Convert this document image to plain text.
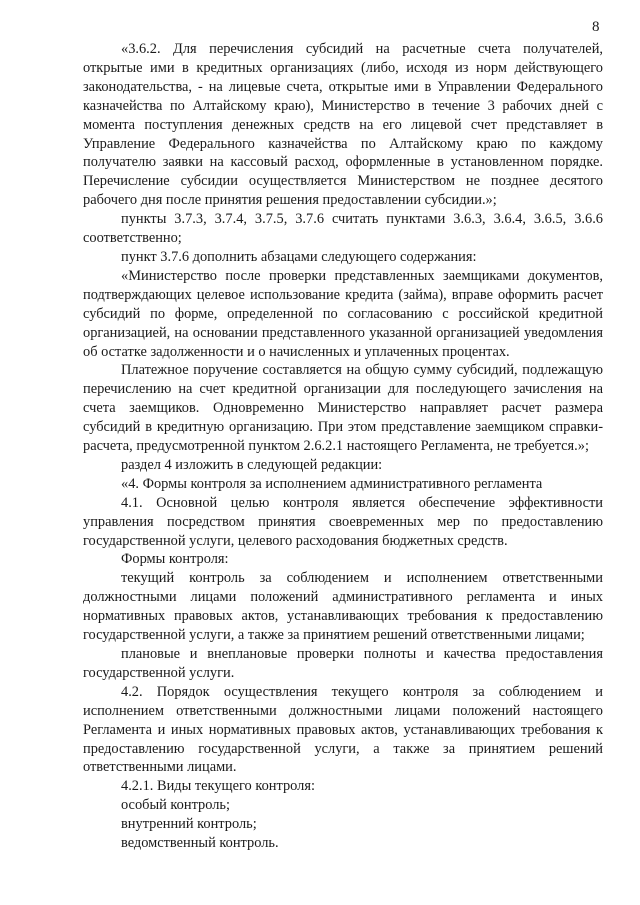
8

«3.6.2. Для перечисления субсидий на расчетные счета получателей, открытые ими в кредитных организациях (либо, исходя из норм действующего законодательства, - на лицевые счета, открытые ими в Управлении Федерального казначейства по Алтайскому краю), Министерство в течение 3 рабочих дней с момента поступления денежных средств на его лицевой счет представляет в Управление Федерального казначейства по Алтайскому краю по каждому получателю заявки на кассовый расход, оформленные в установленном порядке. Перечисление субсидии осуществляется Министерством не позднее десятого рабочего дня после принятия решения предоставлении субсидии.»;

пункты 3.7.3, 3.7.4, 3.7.5, 3.7.6 считать пунктами 3.6.3, 3.6.4, 3.6.5, 3.6.6 соответственно;

пункт 3.7.6 дополнить абзацами следующего содержания:

«Министерство после проверки представленных заемщиками документов, подтверждающих целевое использование кредита (займа), вправе оформить расчет субсидий по форме, определенной по согласованию с российской кредитной организацией, на основании представленного указанной организацией уведомления об остатке задолженности и о начисленных и уплаченных процентах.

Платежное поручение составляется на общую сумму субсидий, подлежащую перечислению на счет кредитной организации для последующего зачисления на счета заемщиков. Одновременно Министерство направляет расчет размера субсидий в кредитную организацию. При этом представление заемщиком справки-расчета, предусмотренной пунктом 2.6.2.1 настоящего Регламента, не требуется.»;

раздел 4 изложить в следующей редакции:

«4. Формы контроля за исполнением административного регламента

4.1. Основной целью контроля является обеспечение эффективности управления посредством принятия своевременных мер по предоставлению государственной услуги, целевого расходования бюджетных средств.

Формы контроля:

текущий контроль за соблюдением и исполнением ответственными должностными лицами положений административного регламента и иных нормативных правовых актов, устанавливающих требования к предоставлению государственной услуги, а также за принятием решений ответственными лицами;

плановые и внеплановые проверки полноты и качества предоставления государственной услуги.

4.2. Порядок осуществления текущего контроля за соблюдением и исполнением ответственными должностными лицами положений настоящего Регламента и иных нормативных правовых актов, устанавливающих требования к предоставлению государственной услуги, а также за принятием решений ответственными лицами.

4.2.1. Виды текущего контроля:

особый контроль;

внутренний контроль;

ведомственный контроль.
